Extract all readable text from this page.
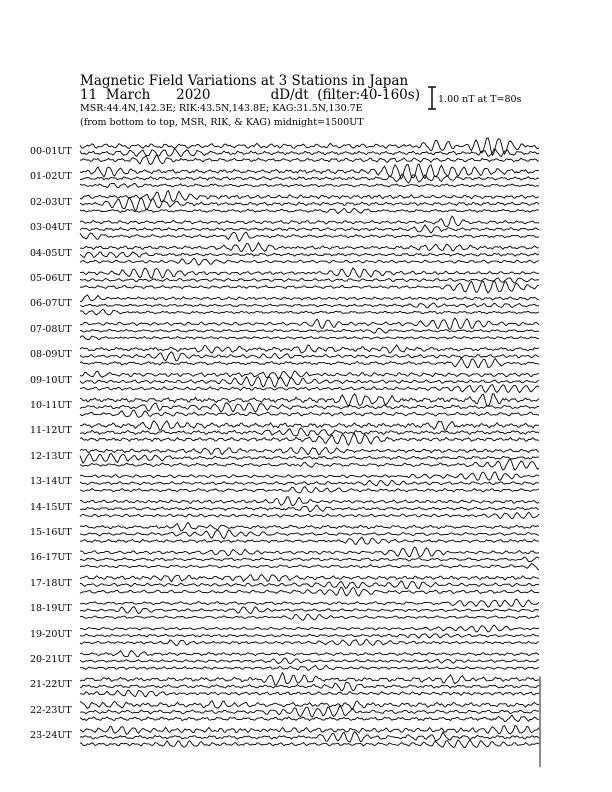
Magnetic Field Variations at 3 Stations in Japan
11 March 2020	dD/dt (filter:40-160s)
MSR:44.4N,142.3E; RIK:43.5N,143.8E; KAG:31.5N,130.7E
(from bottom to top, MSR, RIK, & KAG) midnight=1500UT
1.00 nT at T=80s
00-01UT
01-02UT
02-03UT
03-04UT
04-05UT
05-06UT
06-07UT
07-08UT
08-09UT
09-10UT
10-11UT
11-12UT
12-13UT
13-14UT
14-15UT
15-16UT
16-17UT
17-18UT
18-19UT
19-20UT
20-21UT
21-22UT
22-23UT
23-24UT
